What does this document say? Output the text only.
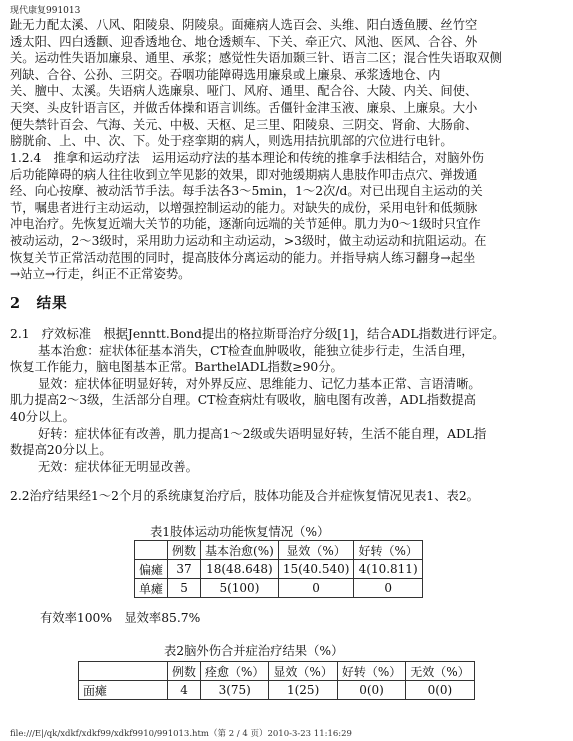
现代康复991013

趾无力配太溪、八风、阳陵泉、阴陵泉。面瘫病人选百会、头维、阳白透鱼腰、丝竹空

透太阳、四白透颧、迎香透地仓、地仓透颊车、下关、牵正穴、风池、医风、合谷、外

关。运动性失语加廉泉、通里、承浆；感觉性失语加颞三针、语言二区；混合性失语取双侧

列缺、合谷、公孙、三阴交。吞咽功能障碍选用廉泉或上廉泉、承浆透地仓、内

关、膻中、太溪。失语病人选廉泉、哑门、风府、通里、配合谷、大陵、内关、间使、

天突、头皮针语言区，并做舌体操和语言训练。舌僵针金津玉液、廉泉、上廉泉。大小

便失禁针百会、气海、关元、中极、天枢、足三里、阳陵泉、三阴交、肾俞、大肠俞、

膀胱俞、上、中、次、下。处于痉挛期的病人，则选用拮抗肌部的穴位进行电针。

1.2.4　推拿和运动疗法　运用运动疗法的基本理论和传统的推拿手法相结合，对脑外伤

后功能障碍的病人往往收到立竿见影的效果，即对弛缓期病人患肢作叩击点穴、弹拨通

经、向心按摩、被动活节手法。每手法各3～5min，1～2次/d。对已出现自主运动的关

节，嘱患者进行主动运动，以增强控制运动的能力。对缺失的成份，采用电针和低频脉

冲电治疗。先恢复近端大关节的功能，逐渐向远端的关节延伸。肌力为0～1级时只宜作

被动运动，2～3级时，采用助力运动和主动运动，>3级时，做主动运动和抗阻运动。在

恢复关节正常活动范围的同时，提高肢体分离运动的能力。并指导病人练习翻身→起坐

→站立→行走，纠正不正常姿势。

2　结果

2.1　疗效标准　根据Jenntt.Bond提出的格拉斯哥治疗分级[1]，结合ADL指数进行评定。

基本治愈：症状体征基本消失，CT检查血肿吸收，能独立徒步行走，生活自理，

恢复工作能力，脑电图基本正常。BarthelADL指数≥90分。

显效：症状体征明显好转，对外界反应、思维能力、记忆力基本正常、言语清晰。

肌力提高2～3级，生活部分自理。CT检查病灶有吸收，脑电图有改善，ADL指数提高

40分以上。

好转：症状体征有改善，肌力提高1～2级或失语明显好转，生活不能自理，ADL指

数提高20分以上。

无效：症状体征无明显改善。

2.2治疗结果经1～2个月的系统康复治疗后，肢体功能及合并症恢复情况见表1、表2。

表1肢体运动功能恢复情况（%）

	例数	基本治愈(%)	显效（%）	好转（%）
偏瘫	37	18(48.648)	15(40.540)	4(10.811)
单瘫	5	5(100)	0	0

有效率100%　显效率85.7%

表2脑外伤合并症治疗结果（%）

	例数	痊愈（%）	显效（%）	好转（%）	无效（%）
面瘫	4	3(75)	1(25)	0(0)	0(0)
file:///E|/qk/xdkf/xdkf99/xdkf9910/991013.htm（第 2 / 4 页）2010-3-23 11:16:29
